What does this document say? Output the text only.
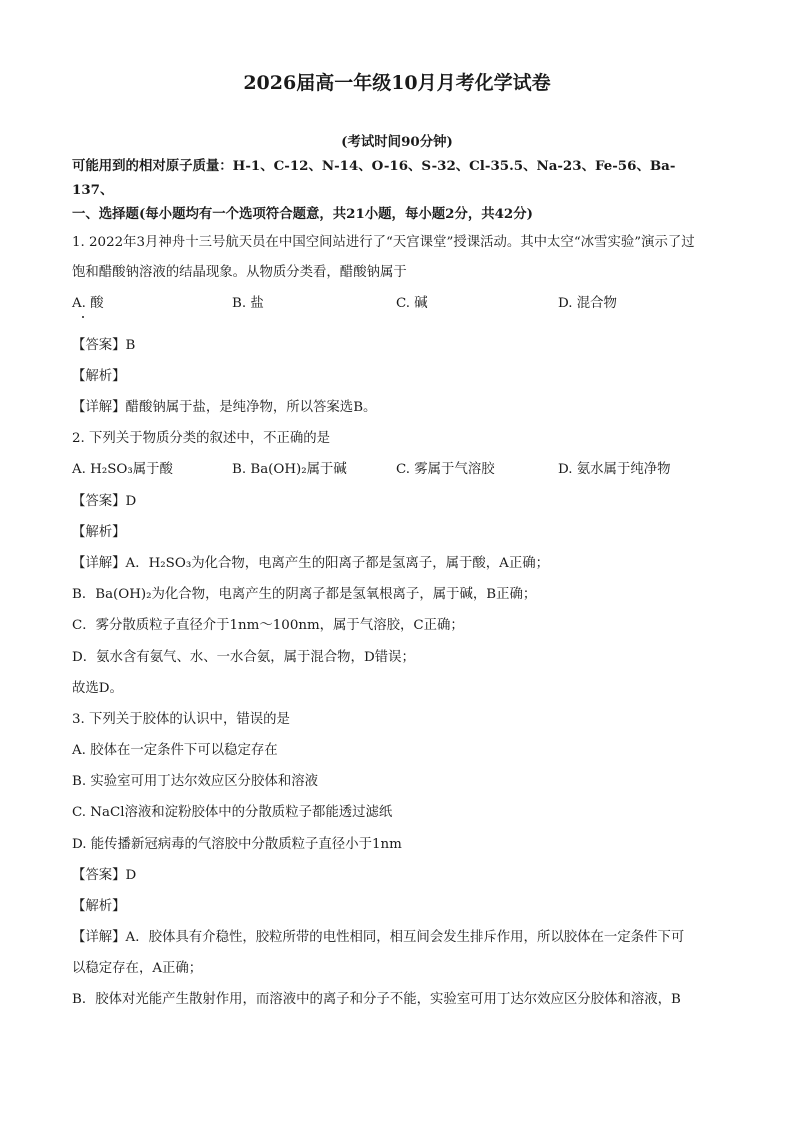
2026届高一年级10月月考化学试卷
(考试时间90分钟)
可能用到的相对原子质量：H-1、C-12、N-14、O-16、S-32、Cl-35.5、Na-23、Fe-56、Ba-
137、
一、选择题(每小题均有一个选项符合题意，共21小题，每小题2分，共42分)
1. 2022年3月神舟十三号航天员在中国空间站进行了“天宫课堂”授课活动。其中太空“冰雪实验”演示了过
饱和醋酸钠溶液的结晶现象。从物质分类看，醋酸钠属于
A. 酸	B. 盐	C. 碱	D. 混合物
【答案】B
【解析】
【详解】醋酸钠属于盐，是纯净物，所以答案选B。
2. 下列关于物质分类的叙述中，不正确的是
A. H₂SO₃属于酸	B. Ba(OH)₂属于碱	C. 雾属于气溶胶	D. 氨水属于纯净物
【答案】D
【解析】
【详解】A．H₂SO₃为化合物，电离产生的阳离子都是氢离子，属于酸，A正确；
B．Ba(OH)₂为化合物，电离产生的阴离子都是氢氧根离子，属于碱，B正确；
C．雾分散质粒子直径介于1nm～100nm，属于气溶胶，C正确；
D．氨水含有氨气、水、一水合氨，属于混合物，D错误；
故选D。
3. 下列关于胶体的认识中，错误的是
A. 胶体在一定条件下可以稳定存在
B. 实验室可用丁达尔效应区分胶体和溶液
C. NaCl溶液和淀粉胶体中的分散质粒子都能透过滤纸
D. 能传播新冠病毒的气溶胶中分散质粒子直径小于1nm
【答案】D
【解析】
【详解】A．胶体具有介稳性，胶粒所带的电性相同，相互间会发生排斥作用，所以胶体在一定条件下可
以稳定存在，A正确；
B．胶体对光能产生散射作用，而溶液中的离子和分子不能，实验室可用丁达尔效应区分胶体和溶液，B
